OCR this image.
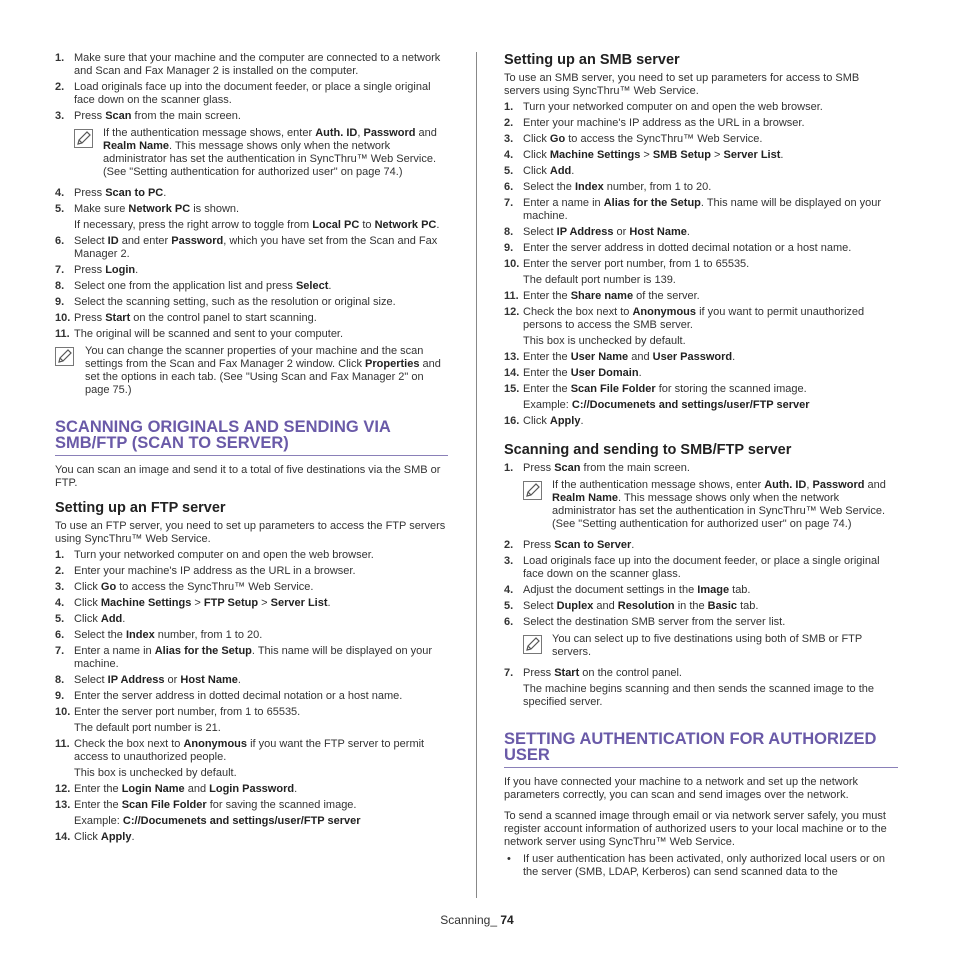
1. Make sure that your machine and the computer are connected to a network and Scan and Fax Manager 2 is installed on the computer.
2. Load originals face up into the document feeder, or place a single original face down on the scanner glass.
3. Press Scan from the main screen.
If the authentication message shows, enter Auth. ID, Password and Realm Name. This message shows only when the network administrator has set the authentication in SyncThru™ Web Service. (See "Setting authentication for authorized user" on page 74.)
4. Press Scan to PC.
5. Make sure Network PC is shown.
If necessary, press the right arrow to toggle from Local PC to Network PC.
6. Select ID and enter Password, which you have set from the Scan and Fax Manager 2.
7. Press Login.
8. Select one from the application list and press Select.
9. Select the scanning setting, such as the resolution or original size.
10. Press Start on the control panel to start scanning.
11. The original will be scanned and sent to your computer.
You can change the scanner properties of your machine and the scan settings from the Scan and Fax Manager 2 window. Click Properties and set the options in each tab. (See "Using Scan and Fax Manager 2" on page 75.)
SCANNING ORIGINALS AND SENDING VIA SMB/FTP (SCAN TO SERVER)
You can scan an image and send it to a total of five destinations via the SMB or FTP.
Setting up an FTP server
To use an FTP server, you need to set up parameters to access the FTP servers using SyncThru™ Web Service.
1. Turn your networked computer on and open the web browser.
2. Enter your machine's IP address as the URL in a browser.
3. Click Go to access the SyncThru™ Web Service.
4. Click Machine Settings > FTP Setup > Server List.
5. Click Add.
6. Select the Index number, from 1 to 20.
7. Enter a name in Alias for the Setup. This name will be displayed on your machine.
8. Select IP Address or Host Name.
9. Enter the server address in dotted decimal notation or a host name.
10. Enter the server port number, from 1 to 65535.
The default port number is 21.
11. Check the box next to Anonymous if you want the FTP server to permit access to unauthorized people.
This box is unchecked by default.
12. Enter the Login Name and Login Password.
13. Enter the Scan File Folder for saving the scanned image.
Example: C://Documenets and settings/user/FTP server
14. Click Apply.
Setting up an SMB server
To use an SMB server, you need to set up parameters for access to SMB servers using SyncThru™ Web Service.
1. Turn your networked computer on and open the web browser.
2. Enter your machine's IP address as the URL in a browser.
3. Click Go to access the SyncThru™ Web Service.
4. Click Machine Settings > SMB Setup > Server List.
5. Click Add.
6. Select the Index number, from 1 to 20.
7. Enter a name in Alias for the Setup. This name will be displayed on your machine.
8. Select IP Address or Host Name.
9. Enter the server address in dotted decimal notation or a host name.
10. Enter the server port number, from 1 to 65535.
The default port number is 139.
11. Enter the Share name of the server.
12. Check the box next to Anonymous if you want to permit unauthorized persons to access the SMB server.
This box is unchecked by default.
13. Enter the User Name and User Password.
14. Enter the User Domain.
15. Enter the Scan File Folder for storing the scanned image.
Example: C://Documenets and settings/user/FTP server
16. Click Apply.
Scanning and sending to SMB/FTP server
1. Press Scan from the main screen.
If the authentication message shows, enter Auth. ID, Password and Realm Name. This message shows only when the network administrator has set the authentication in SyncThru™ Web Service. (See "Setting authentication for authorized user" on page 74.)
2. Press Scan to Server.
3. Load originals face up into the document feeder, or place a single original face down on the scanner glass.
4. Adjust the document settings in the Image tab.
5. Select Duplex and Resolution in the Basic tab.
6. Select the destination SMB server from the server list.
You can select up to five destinations using both of SMB or FTP servers.
7. Press Start on the control panel.
The machine begins scanning and then sends the scanned image to the specified server.
SETTING AUTHENTICATION FOR AUTHORIZED USER
If you have connected your machine to a network and set up the network parameters correctly, you can scan and send images over the network.
To send a scanned image through email or via network server safely, you must register account information of authorized users to your local machine or to the network server using SyncThru™ Web Service.
• If user authentication has been activated, only authorized local users or on the server (SMB, LDAP, Kerberos) can send scanned data to the
Scanning_ 74
